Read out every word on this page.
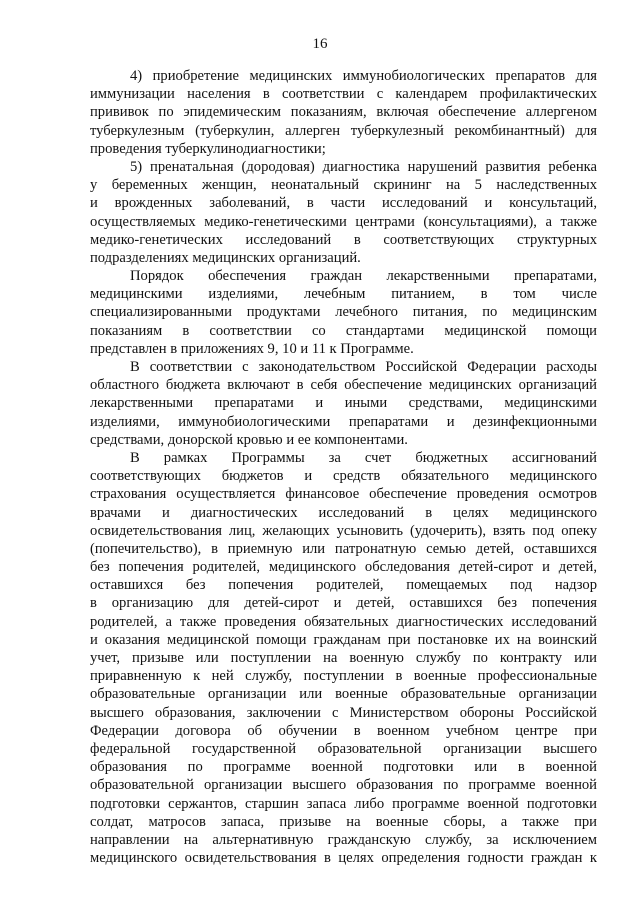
16
4) приобретение медицинских иммунобиологических препаратов для
иммунизации населения в соответствии с календарем профилактических
прививок по эпидемическим показаниям, включая обеспечение аллергеном
туберкулезным (туберкулин, аллерген туберкулезный рекомбинантный) для
проведения туберкулинодиагностики;
5) пренатальная (дородовая) диагностика нарушений развития ребенка
у беременных женщин, неонатальный скрининг на 5 наследственных
и врожденных заболеваний, в части исследований и консультаций,
осуществляемых медико-генетическими центрами (консультациями), а также
медико-генетических исследований в соответствующих структурных
подразделениях медицинских организаций.
Порядок обеспечения граждан лекарственными препаратами,
медицинскими изделиями, лечебным питанием, в том числе
специализированными продуктами лечебного питания, по медицинским
показаниям в соответствии со стандартами медицинской помощи
представлен в приложениях 9, 10 и 11 к Программе.
В соответствии с законодательством Российской Федерации расходы
областного бюджета включают в себя обеспечение медицинских организаций
лекарственными препаратами и иными средствами, медицинскими
изделиями, иммунобиологическими препаратами и дезинфекционными
средствами, донорской кровью и ее компонентами.
В рамках Программы за счет бюджетных ассигнований
соответствующих бюджетов и средств обязательного медицинского
страхования осуществляется финансовое обеспечение проведения осмотров
врачами и диагностических исследований в целях медицинского
освидетельствования лиц, желающих усыновить (удочерить), взять под опеку
(попечительство), в приемную или патронатную семью детей, оставшихся
без попечения родителей, медицинского обследования детей-сирот и детей,
оставшихся без попечения родителей, помещаемых под надзор
в организацию для детей-сирот и детей, оставшихся без попечения
родителей, а также проведения обязательных диагностических исследований
и оказания медицинской помощи гражданам при постановке их на воинский
учет, призыве или поступлении на военную службу по контракту или
приравненную к ней службу, поступлении в военные профессиональные
образовательные организации или военные образовательные организации
высшего образования, заключении с Министерством обороны Российской
Федерации договора об обучении в военном учебном центре при
федеральной государственной образовательной организации высшего
образования по программе военной подготовки или в военной
образовательной организации высшего образования по программе военной
подготовки сержантов, старшин запаса либо программе военной подготовки
солдат, матросов запаса, призыве на военные сборы, а также при
направлении на альтернативную гражданскую службу, за исключением
медицинского освидетельствования в целях определения годности граждан к
